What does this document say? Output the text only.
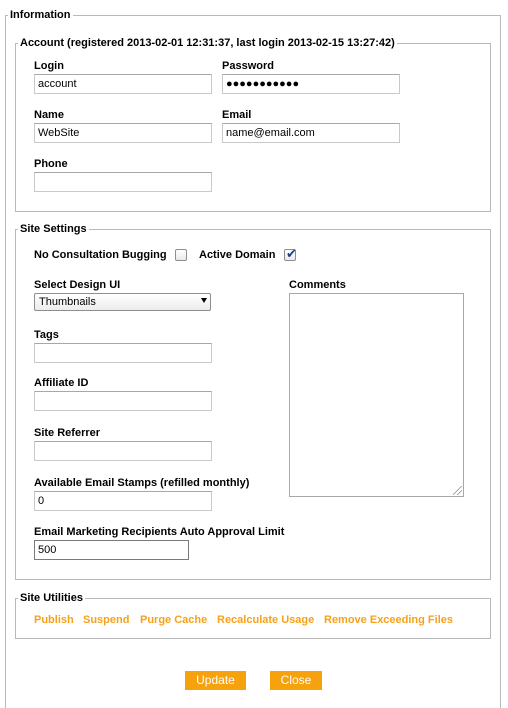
Information
Account (registered 2013-02-01 12:31:37, last login 2013-02-15 13:27:42)
Login
account
Password
●●●●●●●●●●●
Name
WebSite
Email
name@email.com
Phone
Site Settings
No Consultation Bugging	Active Domain ✔
Select Design UI
Thumbnails
Comments
Tags
Affiliate ID
Site Referrer
Available Email Stamps (refilled monthly)
0
Email Marketing Recipients Auto Approval Limit
500
Site Utilities
Publish Suspend Purge Cache Recalculate Usage Remove Exceeding Files
Update	Close
